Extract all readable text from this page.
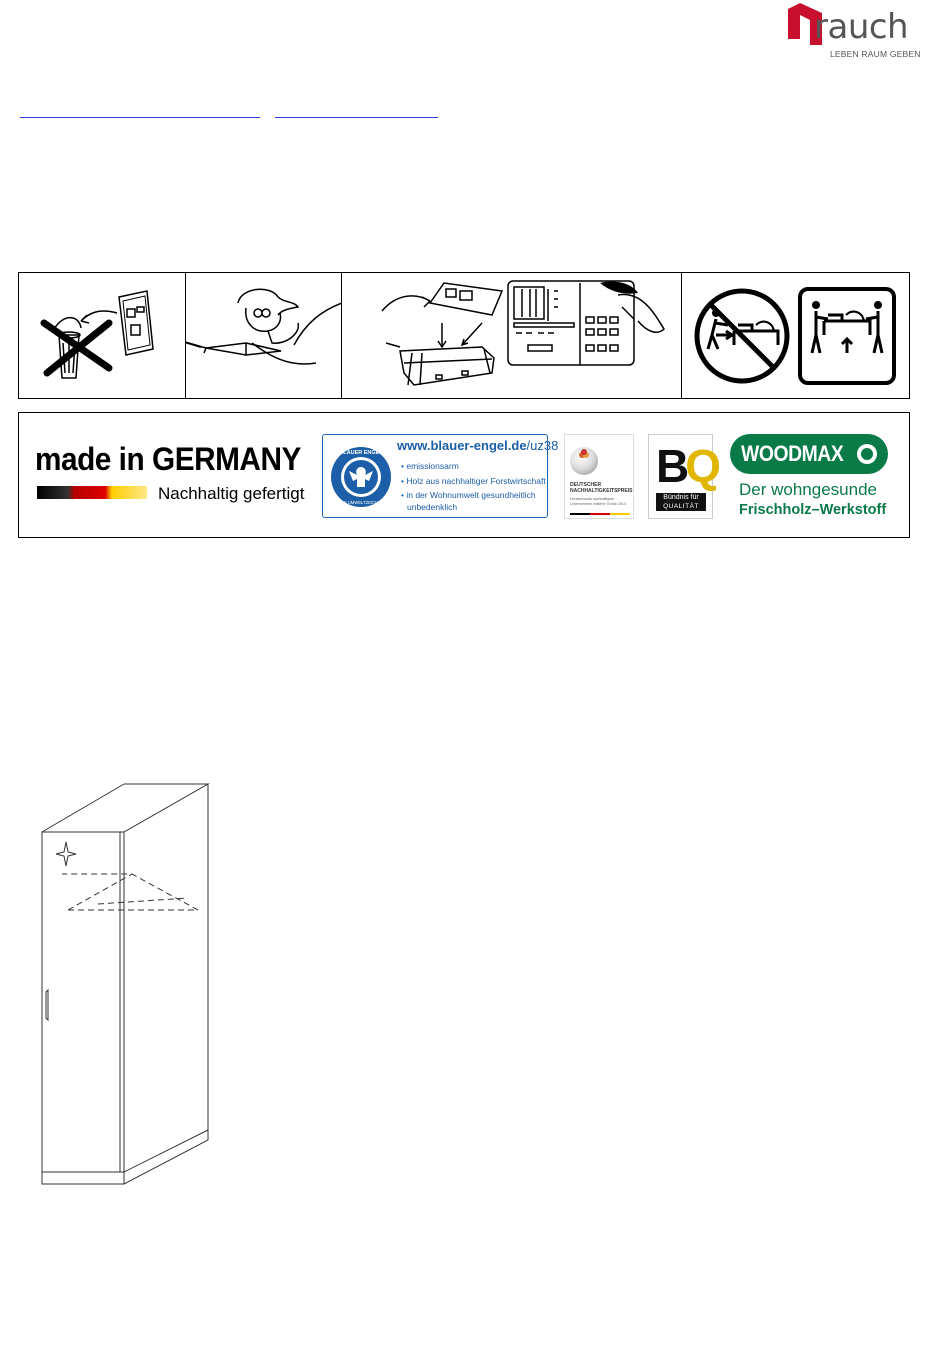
rauch
LEBEN RAUM GEBEN
made in GERMANY
Nachhaltig gefertigt
BLAUER ENGEL
DAS UMWELTZEICHEN
www.blauer-engel.de/uz38
• emissionsarm
• Holz aus nachhaltiger Forstwirtschaft
• in der Wohnumwelt gesundheitlich
unbedenklich
DEUTSCHER
NACHHALTIGKEITSPREIS
Deutschlands nachhaltigste
Unternehmen mittlerer Größe 2014
BQ
Bündnis für
QUALITÄT
WOODMAX
Der wohngesunde
Frischholz–Werkstoff
